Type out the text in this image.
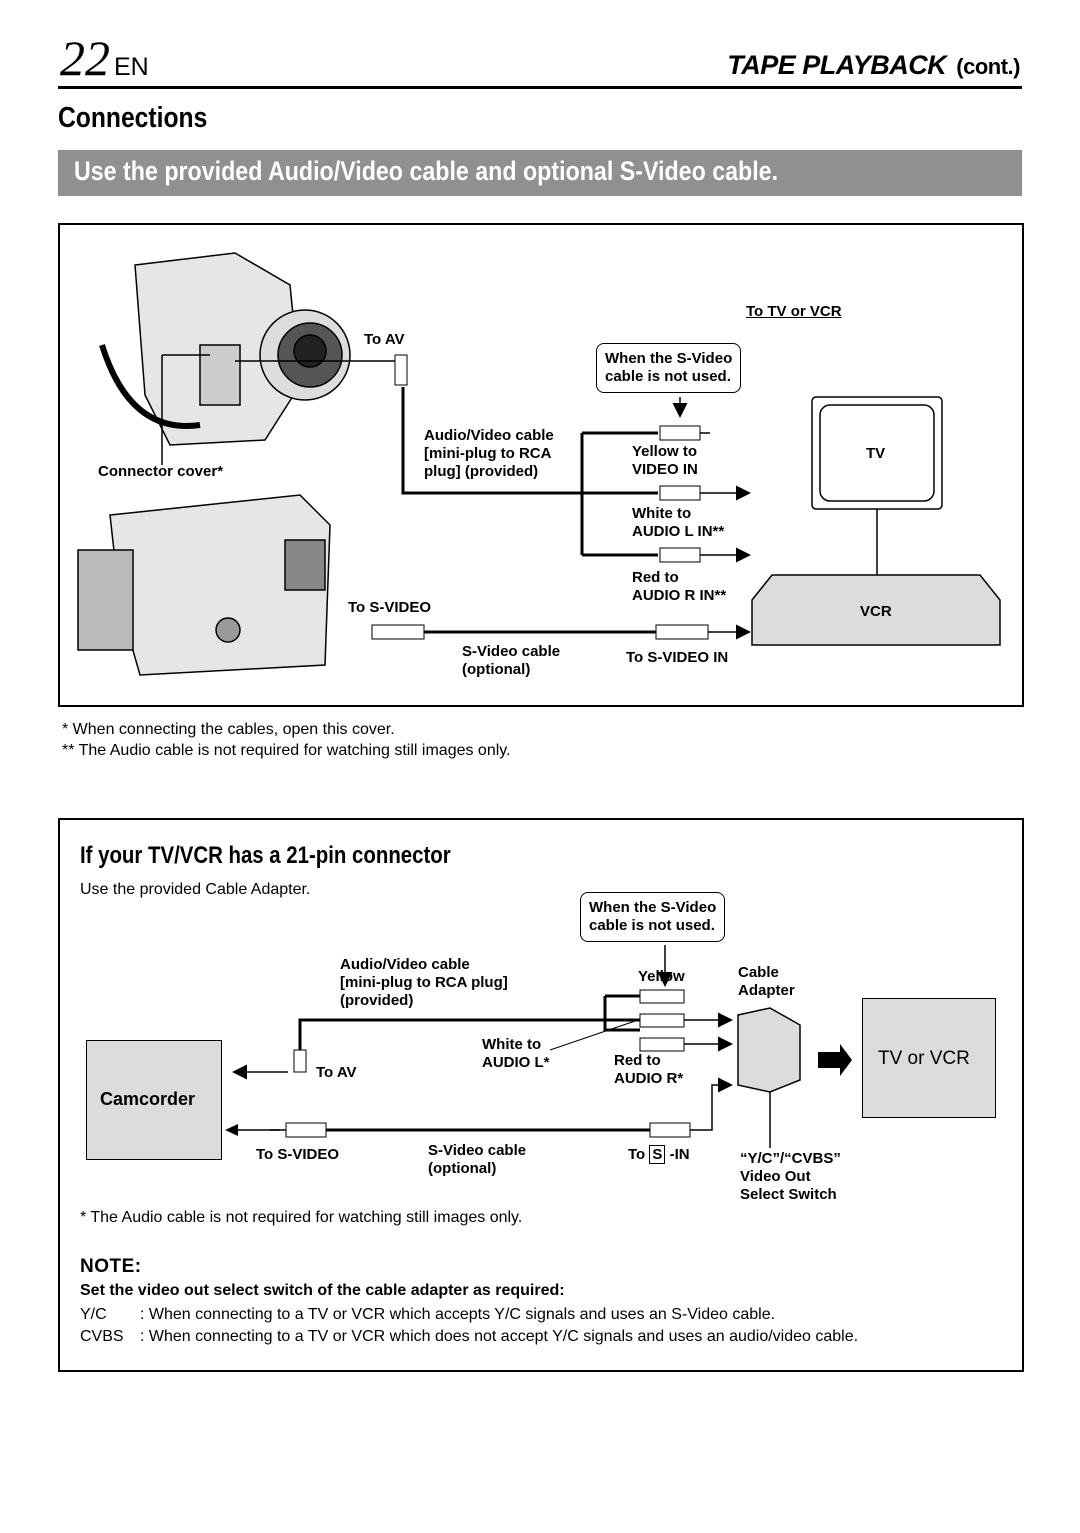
22 EN	TAPE PLAYBACK (cont.)
Connections
Use the provided Audio/Video cable and optional S-Video cable.
To TV or VCR
To AV
When the S-Video
cable is not used.
Audio/Video cable
[mini-plug to RCA
plug] (provided)
Yellow to
VIDEO IN
Connector cover*
White to
AUDIO L IN**
Red to
AUDIO R IN**
To S-VIDEO
S-Video cable
(optional)
To S-VIDEO IN
TV
VCR
* When connecting the cables, open this cover.
** The Audio cable is not required for watching still images only.
Camcorder
TV or VCR
When the S-Video
cable is not used.
Audio/Video cable
[mini-plug to RCA plug]
(provided)
Yellow	Cable
Adapter
White to
AUDIO L*	Red to
AUDIO R*
To AV
To S-VIDEO	S-Video cable
(optional)
To S -IN	“Y/C”/“CVBS”
Video Out
Select Switch
If your TV/VCR has a 21-pin connector
Use the provided Cable Adapter.
* The Audio cable is not required for watching still images only.
NOTE:
Set the video out select switch of the cable adapter as required:
Y/C : When connecting to a TV or VCR which accepts Y/C signals and uses an S-Video cable.
CVBS : When connecting to a TV or VCR which does not accept Y/C signals and uses an audio/video cable.
